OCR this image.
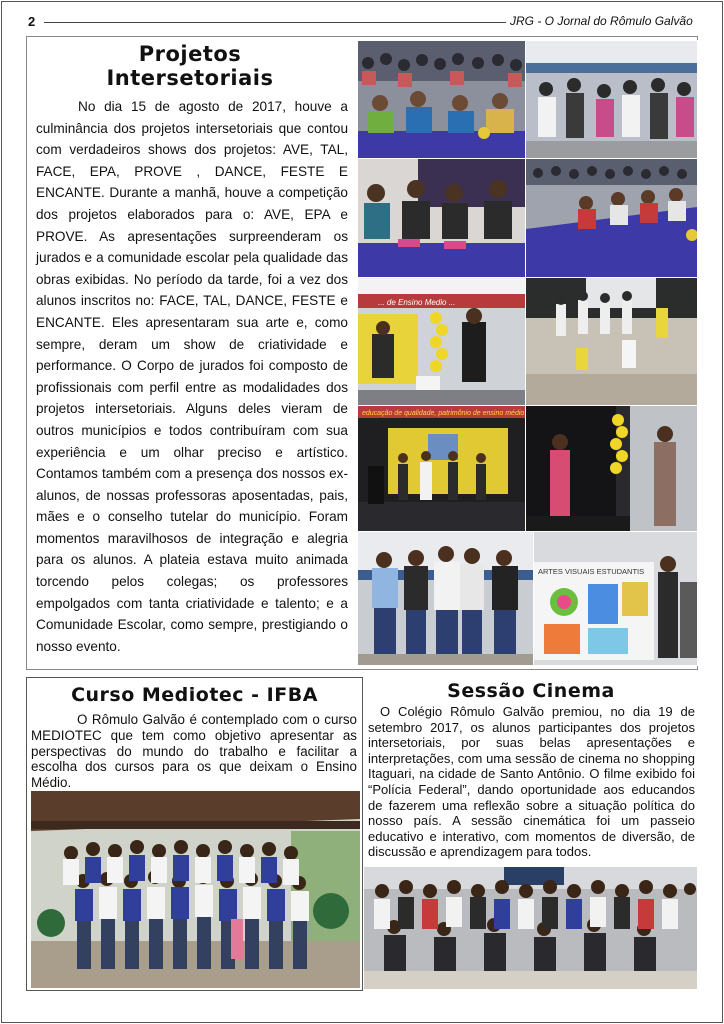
2	JRG - O Jornal do Rômulo Galvão
Projetos
Intersetoriais

No dia 15 de agosto de 2017, houve a culminância dos projetos intersetoriais que contou com verdadeiros shows dos projetos: AVE, TAL, FACE, EPA, PROVE , DANCE, FESTE E ENCANTE. Durante a manhã, houve a competição dos projetos elaborados para o: AVE, EPA e PROVE. As apresentações surpreenderam os jurados e a comunidade escolar pela qualidade das obras exibidas. No período da tarde, foi a vez dos alunos inscritos no: FACE, TAL, DANCE, FESTE e ENCANTE. Eles apresentaram sua arte e, como sempre, deram um show de criatividade e performance. O Corpo de jurados foi composto de profissionais com perfil entre as modalidades dos projetos intersetoriais. Alguns deles vieram de outros municípios e todos contribuíram com sua experiência e um olhar preciso e artístico. Contamos também com a presença dos nossos ex-alunos, de nossas professoras aposentadas, pais, mães e o conselho tutelar do município. Foram momentos maravilhosos de integração e alegria para os alunos. A plateia estava muito animada torcendo pelos colegas; os professores empolgados com tanta criatividade e talento; e a Comunidade Escolar, como sempre, prestigiando o nosso evento.

... de Ensino Medio ...
educação de qualidade, patrimônio de ensino médio
ARTES VISUAIS ESTUDANTIS
Curso Mediotec - IFBA

O Rômulo Galvão é contemplado com o curso MEDIOTEC que tem como objetivo apresentar as perspectivas do mundo do trabalho e facilitar a escolha dos cursos para os que deixam o Ensino Médio.

Sessão Cinema

O Colégio Rômulo Galvão premiou, no dia 19 de setembro 2017, os alunos participantes dos projetos intersetoriais, por suas belas apresentações e interpretações, com uma sessão de cinema no shopping Itaguari, na cidade de Santo Antônio. O filme exibido foi “Polícia Federal”, dando oportunidade aos educandos de fazerem uma reflexão sobre a situação política do nosso país. A sessão cinemática foi um passeio educativo e interativo, com momentos de diversão, de discussão e aprendizagem para todos.
